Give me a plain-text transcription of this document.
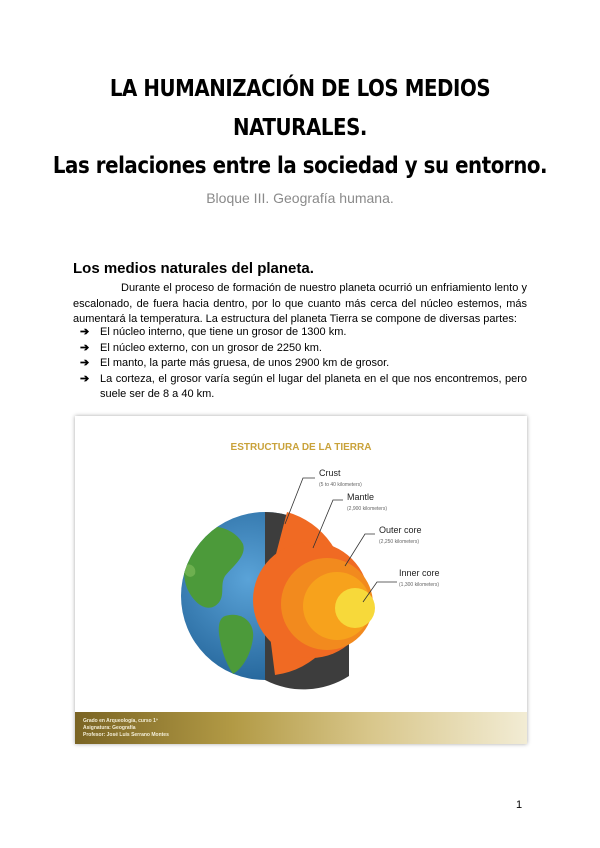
LA HUMANIZACIÓN DE LOS MEDIOS
NATURALES.
Las relaciones entre la sociedad y su entorno.
Bloque III. Geografía humana.
Los medios naturales del planeta.
Durante el proceso de formación de nuestro planeta ocurrió un enfriamiento lento y escalonado, de fuera hacia dentro, por lo que cuanto más cerca del núcleo estemos, más aumentará la temperatura. La estructura del planeta Tierra se compone de diversas partes:
➔ El núcleo interno, que tiene un grosor de 1300 km.
➔ El núcleo externo, con un grosor de 2250 km.
➔ El manto, la parte más gruesa, de unos 2900 km de grosor.
➔ La corteza, el grosor varía según el lugar del planeta en el que nos encontremos, pero suele ser de 8 a 40 km.
ESTRUCTURA DE LA TIERRA
Crust
(5 to 40 kilometers)
Mantle
(2,900 kilometers)
Outer core
(2,250 kilometers)
Inner core
(1,300 kilometers)
Grado en Arqueología, curso 1º
Asignatura: Geografía
Profesor: José Luis Serrano Montes
1
